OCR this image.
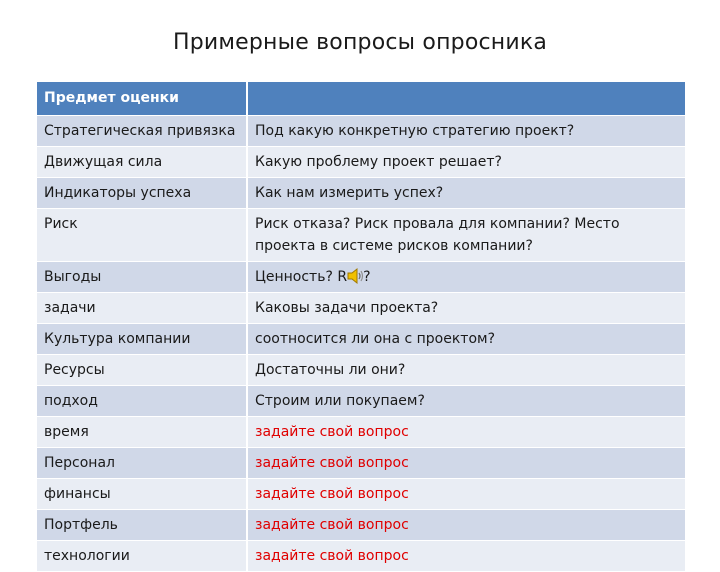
Примерные вопросы опросника
Предмет оценки	
Стратегическая привязка	Под какую конкретную стратегию проект?
Движущая сила	Какую проблему проект решает?
Индикаторы успеха	Как нам измерить успех?
Риск	Риск отказа? Риск провала для компании? Место проекта в системе рисков компании?
Выгоды	Ценность? R ?
задачи	Каковы задачи проекта?
Культура компании	соотносится ли она с проектом?
Ресурсы	Достаточны ли они?
подход	Строим или покупаем?
время	задайте свой вопрос
Персонал	задайте свой вопрос
финансы	задайте свой вопрос
Портфель	задайте свой вопрос
технологии	задайте свой вопрос
